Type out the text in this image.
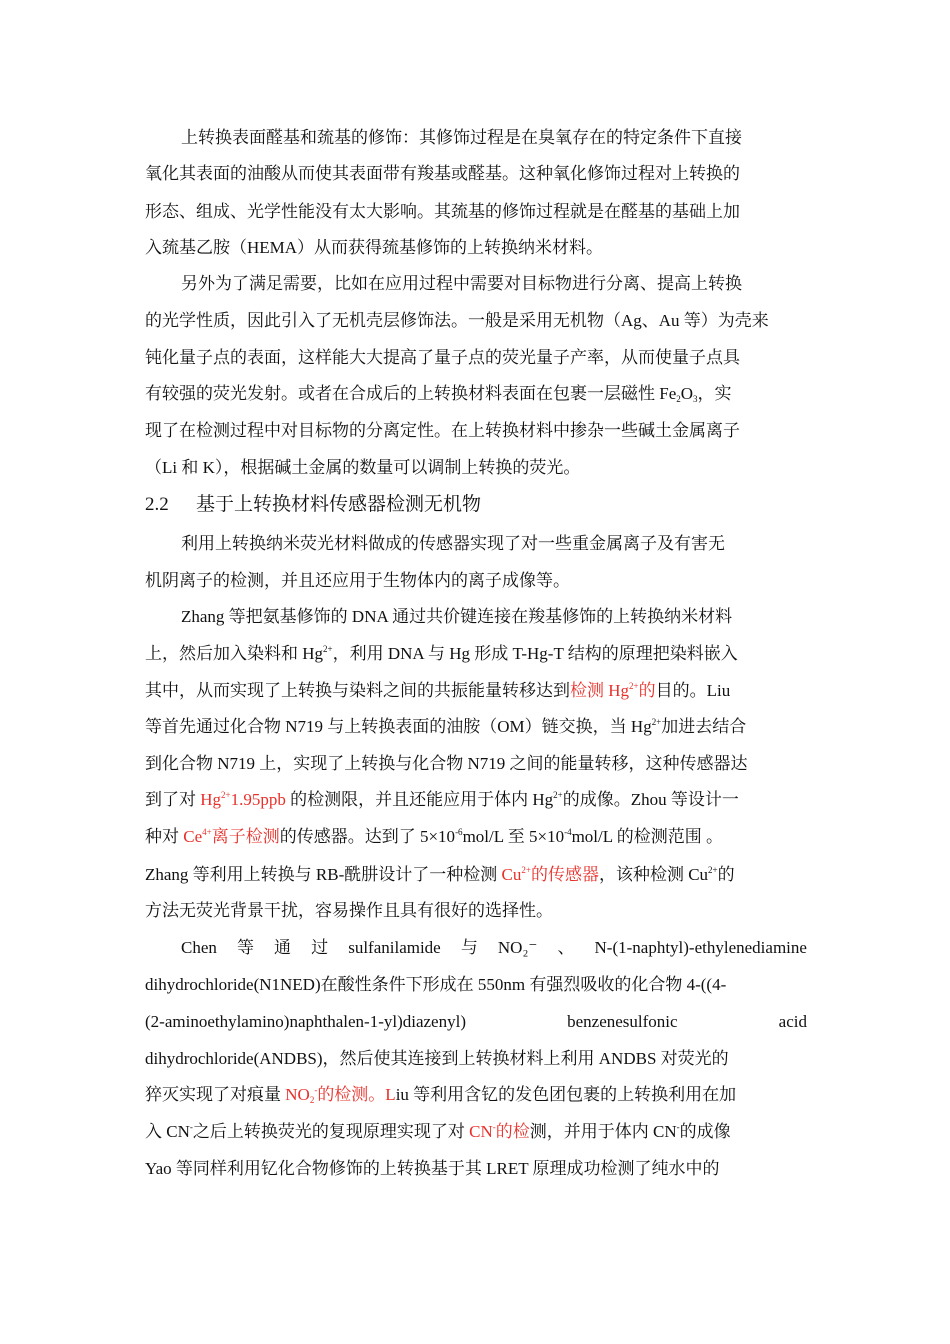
上转换表面醛基和巯基的修饰：其修饰过程是在臭氧存在的特定条件下直接
氧化其表面的油酸从而使其表面带有羧基或醛基。这种氧化修饰过程对上转换的
形态、组成、光学性能没有太大影响。其巯基的修饰过程就是在醛基的基础上加
入巯基乙胺（HEMA）从而获得巯基修饰的上转换纳米材料。
另外为了满足需要，比如在应用过程中需要对目标物进行分离、提高上转换
的光学性质，因此引入了无机壳层修饰法。一般是采用无机物（Ag、Au 等）为壳来
钝化量子点的表面，这样能大大提高了量子点的荧光量子产率，从而使量子点具
有较强的荧光发射。或者在合成后的上转换材料表面在包裹一层磁性 $Fe_2O_3$，实
现了在检测过程中对目标物的分离定性。在上转换材料中掺杂一些碱土金属离子
（Li 和 K），根据碱土金属的数量可以调制上转换的荧光。
2.2 基于上转换材料传感器检测无机物
利用上转换纳米荧光材料做成的传感器实现了对一些重金属离子及有害无
机阴离子的检测，并且还应用于生物体内的离子成像等。
Zhang 等把氨基修饰的 DNA 通过共价键连接在羧基修饰的上转换纳米材料
上，然后加入染料和 $Hg^{2+}$，利用 DNA 与 Hg 形成 T-Hg-T 结构的原理把染料嵌入
其中，从而实现了上转换与染料之间的共振能量转移达到检测 $Hg^{2+}$的目的。Liu
等首先通过化合物 N719 与上转换表面的油胺（OM）链交换，当 $Hg^{2+}$加进去结合
到化合物 N719 上，实现了上转换与化合物 N719 之间的能量转移，这种传感器达
到了对 $Hg^{2+}1.95ppb$ 的检测限，并且还能应用于体内 $Hg^{2+}$的成像。Zhou 等设计一
种对 $Ce^{4+}$离子检测的传感器。达到了 $5\times 10^{-6}mol/L$ 至 $5\times 10^{-4}mol/L$ 的检测范围 。
Zhang 等利用上转换与 RB-酰肼设计了一种检测 $Cu^{2+}$的传感器，该种检测 $Cu^{2+}$的
方法无荧光背景干扰，容易操作且具有很好的选择性。
Chen 等 通 过 sulfanilamide 与 NO₂⁻ 、 N-(1-naphtyl)-ethylenediamine
dihydrochloride(N1NED)在酸性条件下形成在 550nm 有强烈吸收的化合物 4-((4-
(2-aminoethylamino)naphthalen-1-yl)diazenyl)	benzenesulfonic	acid
dihydrochloride(ANDBS)，然后使其连接到上转换材料上利用 ANDBS 对荧光的
猝灭实现了对痕量 $NO_2^-$的检测。Liu 等利用含钇的发色团包裹的上转换利用在加
入 CN-之后上转换荧光的复现原理实现了对 CN-的检测，并用于体内 CN-的成像
Yao 等同样利用钇化合物修饰的上转换基于其 LRET 原理成功检测了纯水中的
